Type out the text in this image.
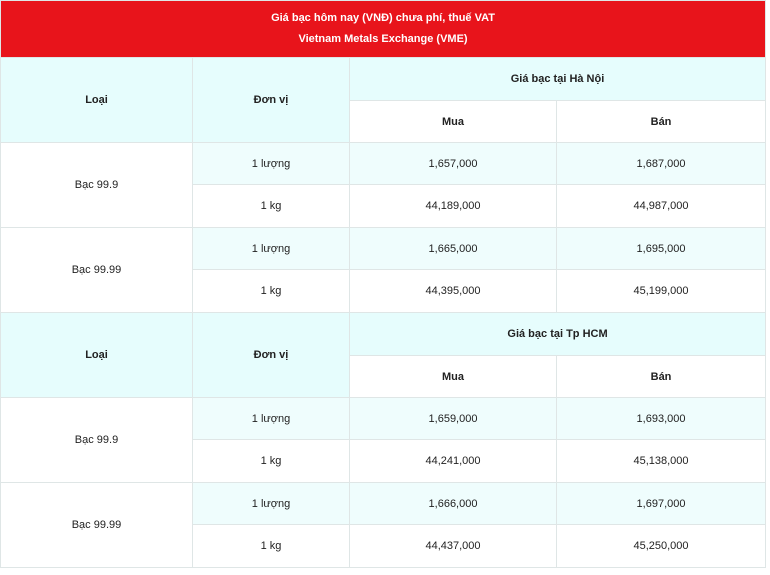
Giá bạc hôm nay (VNĐ) chưa phí, thuế VAT
Vietnam Metals Exchange (VME)			

Loại	Đơn vị	Giá bạc tại Hà Nội	
		Mua	Bán
Bạc 99.9	1 lượng	1,657,000	1,687,000
	1 kg	44,189,000	44,987,000
Bạc 99.99	1 lượng	1,665,000	1,695,000
	1 kg	44,395,000	45,199,000
Loại	Đơn vị	Giá bạc tại Tp HCM	
		Mua	Bán
Bạc 99.9	1 lượng	1,659,000	1,693,000
	1 kg	44,241,000	45,138,000
Bạc 99.99	1 lượng	1,666,000	1,697,000
	1 kg	44,437,000	45,250,000
